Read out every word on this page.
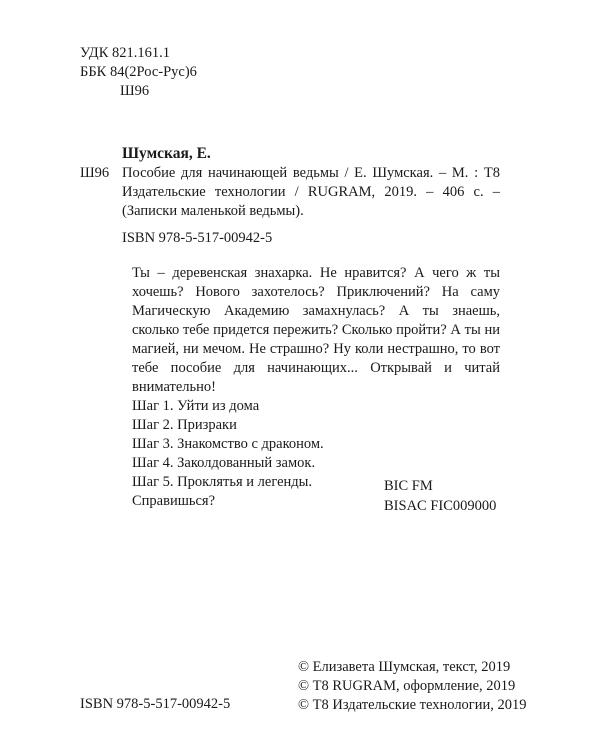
УДК 821.161.1
ББК 84(2Рос-Рус)6
Ш96
Шумская, Е.
Ш96 Пособие для начинающей ведьмы / Е. Шумская. – М. : Т8 Издательские технологии / RUGRAM, 2019. – 406 с. – (Записки маленькой ведьмы).
ISBN 978-5-517-00942-5
Ты – деревенская знахарка. Не нравится? А чего ж ты хочешь? Нового захотелось? Приключений? На саму Магическую Академию замахнулась? А ты знаешь, сколько тебе придется пережить? Сколько пройти? А ты ни магией, ни мечом. Не страшно? Ну коли нестрашно, то вот тебе пособие для начинающих... Открывай и читай внимательно!
Шаг 1. Уйти из дома
Шаг 2. Призраки
Шаг 3. Знакомство с драконом.
Шаг 4. Заколдованный замок.
Шаг 5. Проклятья и легенды.
Справишься?
BIC FM
BISAC FIC009000
© Елизавета Шумская, текст, 2019
© Т8 RUGRAM, оформление, 2019
© Т8 Издательские технологии, 2019
ISBN 978-5-517-00942-5
